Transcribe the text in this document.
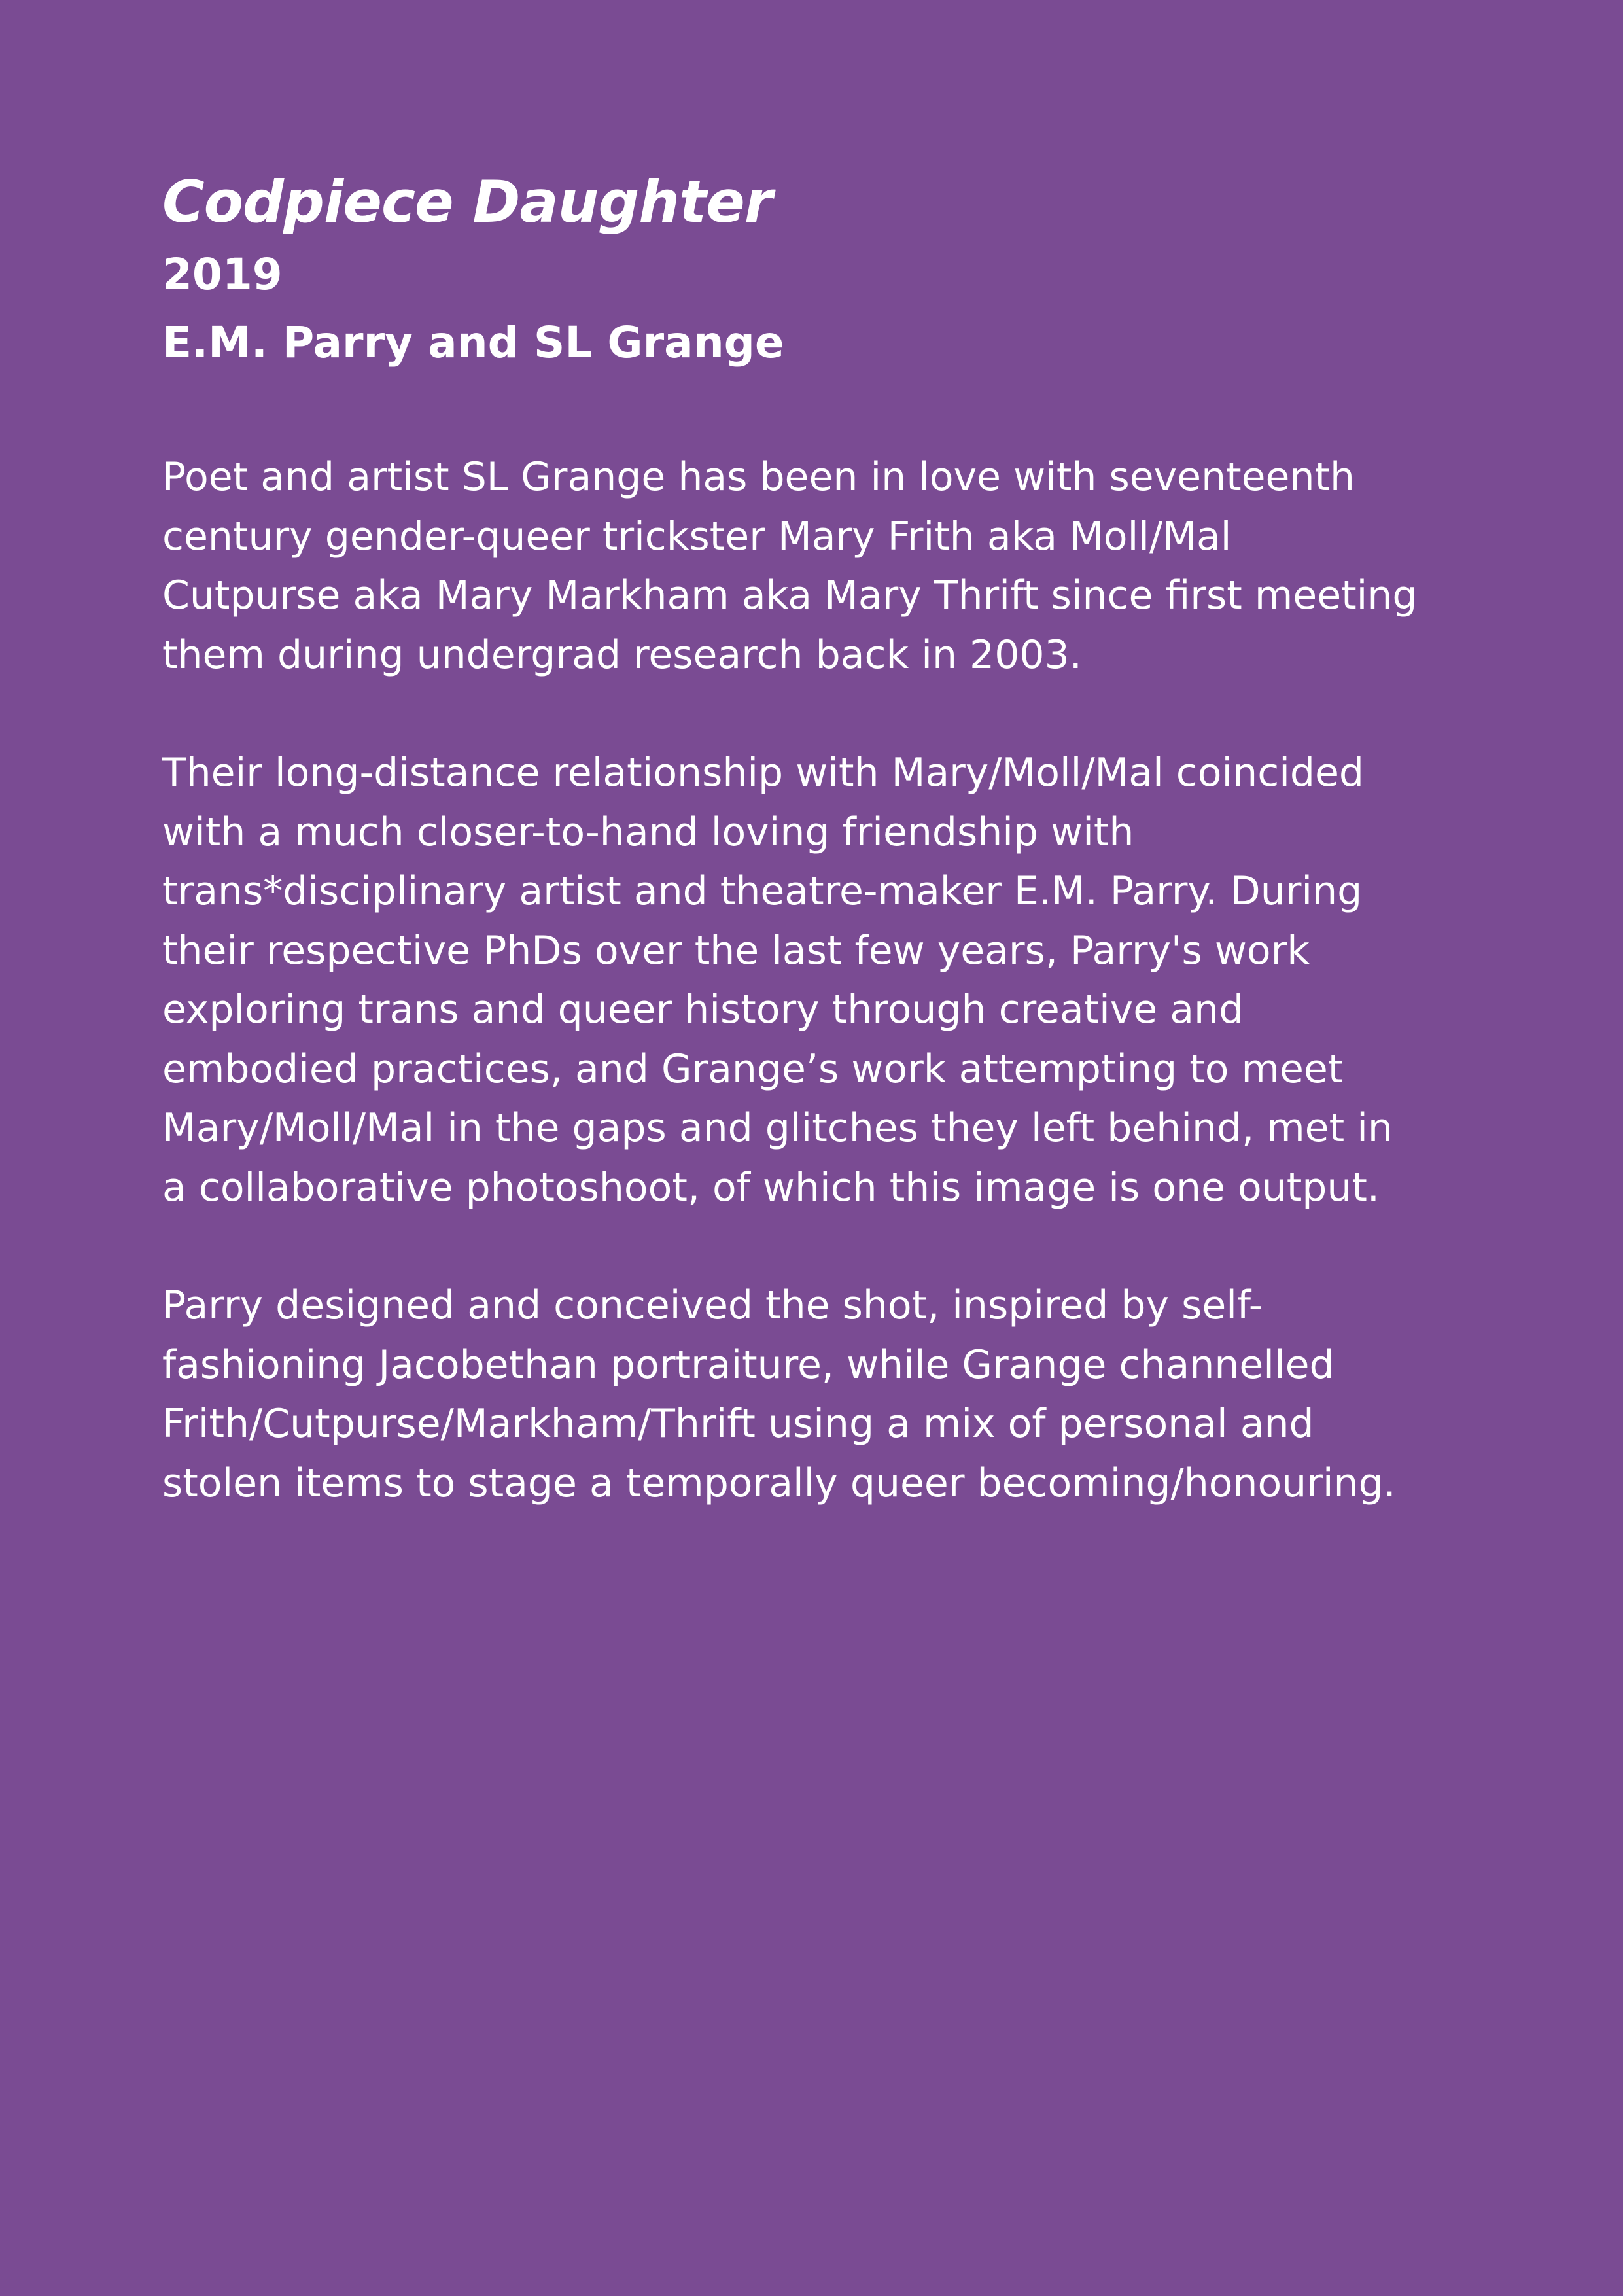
Codpiece Daughter

2019

E.M. Parry and SL Grange

Poet and artist SL Grange has been in love with seventeenth
century gender-queer trickster Mary Frith aka Moll/Mal
Cutpurse aka Mary Markham aka Mary Thrift since first meeting
them during undergrad research back in 2003.

Their long-distance relationship with Mary/Moll/Mal coincided
with a much closer-to-hand loving friendship with
trans*disciplinary artist and theatre-maker E.M. Parry. During
their respective PhDs over the last few years, Parry's work
exploring trans and queer history through creative and
embodied practices, and Grange’s work attempting to meet
Mary/Moll/Mal in the gaps and glitches they left behind, met in
a collaborative photoshoot, of which this image is one output.

Parry designed and conceived the shot, inspired by self-
fashioning Jacobethan portraiture, while Grange channelled
Frith/Cutpurse/Markham/Thrift using a mix of personal and
stolen items to stage a temporally queer becoming/honouring.
